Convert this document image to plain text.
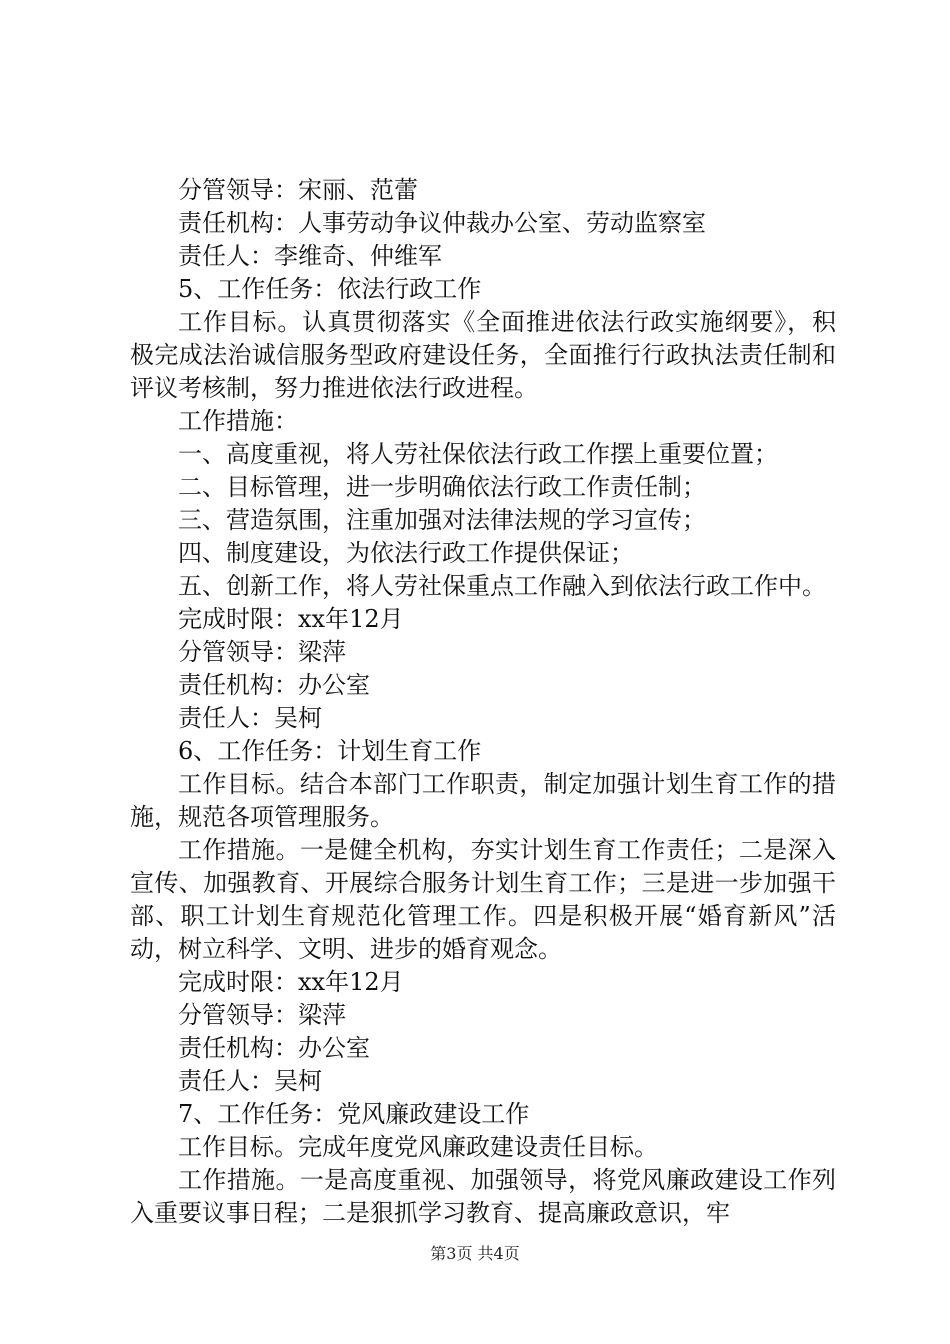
分管领导：宋丽、范蕾

责任机构：人事劳动争议仲裁办公室、劳动监察室

责任人：李维奇、仲维军

5、工作任务：依法行政工作

工作目标。认真贯彻落实《全面推进依法行政实施纲要》，积极完成法治诚信服务型政府建设任务，全面推行行政执法责任制和评议考核制，努力推进依法行政进程。

工作措施：

一、高度重视，将人劳社保依法行政工作摆上重要位置；

二、目标管理，进一步明确依法行政工作责任制；

三、营造氛围，注重加强对法律法规的学习宣传；

四、制度建设，为依法行政工作提供保证；

五、创新工作，将人劳社保重点工作融入到依法行政工作中。

完成时限：xx年12月

分管领导：梁萍

责任机构：办公室

责任人：吴柯

6、工作任务：计划生育工作

工作目标。结合本部门工作职责，制定加强计划生育工作的措施，规范各项管理服务。

工作措施。一是健全机构，夯实计划生育工作责任；二是深入宣传、加强教育、开展综合服务计划生育工作；三是进一步加强干部、职工计划生育规范化管理工作。四是积极开展“婚育新风”活动，树立科学、文明、进步的婚育观念。

完成时限：xx年12月

分管领导：梁萍

责任机构：办公室

责任人：吴柯

7、工作任务：党风廉政建设工作

工作目标。完成年度党风廉政建设责任目标。

工作措施。一是高度重视、加强领导，将党风廉政建设工作列入重要议事日程；二是狠抓学习教育、提高廉政意识，牢

第3页 共4页
